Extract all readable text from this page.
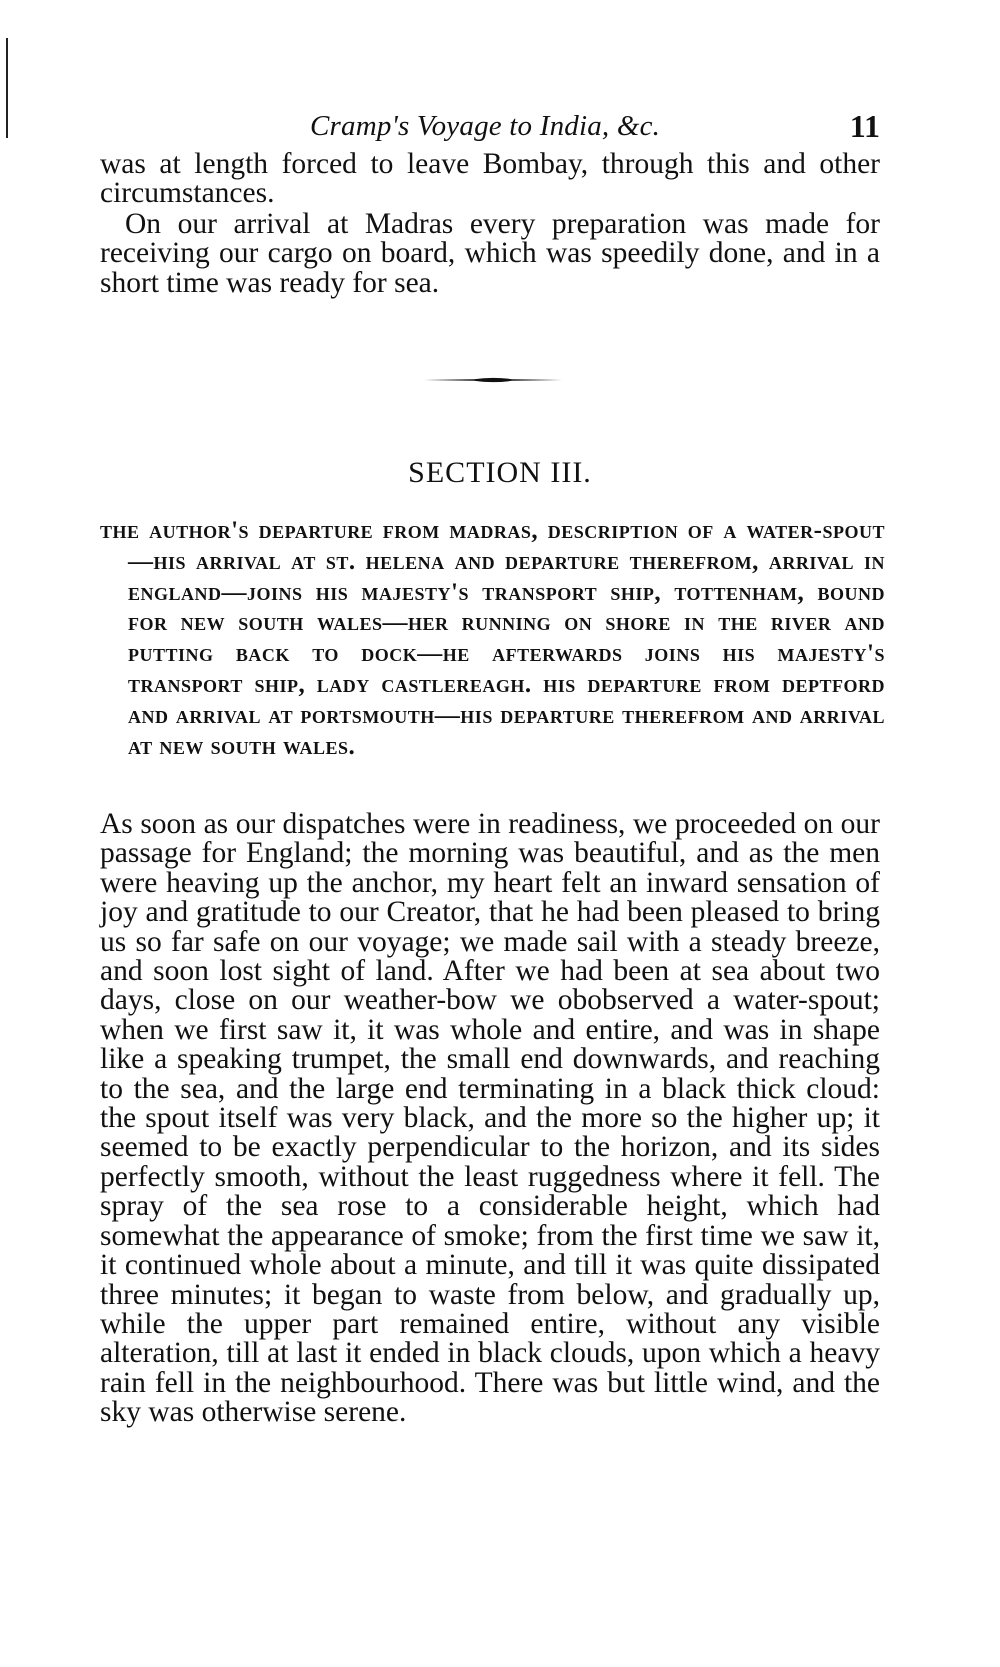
Cramp's Voyage to India, &c.	11

was at length forced to leave Bombay, through this and other circumstances.

On our arrival at Madras every preparation was made for receiving our cargo on board, which was speedily done, and in a short time was ready for sea.

SECTION III.

the author's departure from madras, description of a water-spout—his arrival at st. helena and departure therefrom, arrival in england—joins his majesty's transport ship, tottenham, bound for new south wales—her running on shore in the river and putting back to dock—he afterwards joins his majesty's transport ship, lady castlereagh. his departure from deptford and arrival at portsmouth—his departure therefrom and arrival at new south wales.

As soon as our dispatches were in readiness, we proceeded on our passage for England; the morning was beautiful, and as the men were heaving up the anchor, my heart felt an inward sensation of joy and gratitude to our Creator, that he had been pleased to bring us so far safe on our voyage; we made sail with a steady breeze, and soon lost sight of land. After we had been at sea about two days, close on our weather-bow we obobserved a water-spout; when we first saw it, it was whole and entire, and was in shape like a speaking trumpet, the small end downwards, and reaching to the sea, and the large end terminating in a black thick cloud: the spout itself was very black, and the more so the higher up; it seemed to be exactly perpendicular to the horizon, and its sides perfectly smooth, without the least ruggedness where it fell. The spray of the sea rose to a considerable height, which had somewhat the appearance of smoke; from the first time we saw it, it continued whole about a minute, and till it was quite dissipated three minutes; it began to waste from below, and gradually up, while the upper part remained entire, without any visible alteration, till at last it ended in black clouds, upon which a heavy rain fell in the neighbourhood. There was but little wind, and the sky was otherwise serene.
